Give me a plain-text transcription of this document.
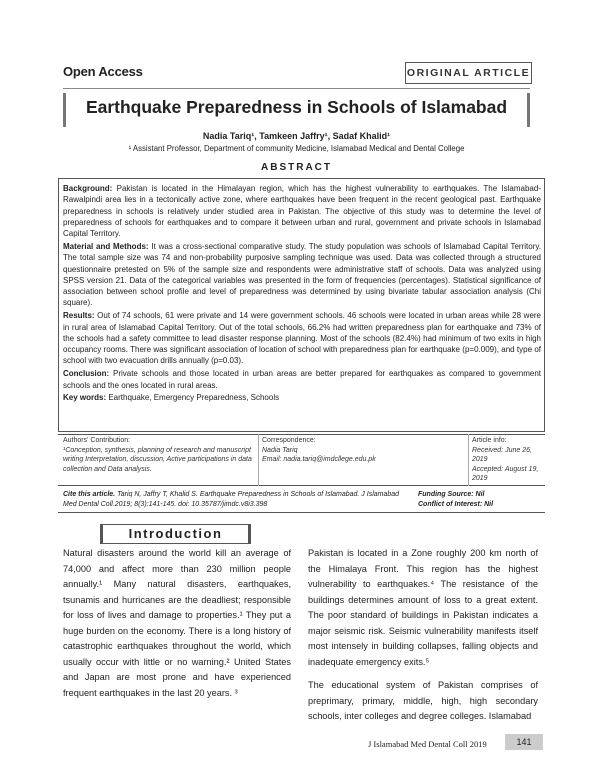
Open Access	ORIGINAL ARTICLE
Earthquake Preparedness in Schools of Islamabad
Nadia Tariq¹, Tamkeen Jaffry¹, Sadaf Khalid¹
¹ Assistant Professor, Department of community Medicine, Islamabad Medical and Dental College
ABSTRACT

Background: Pakistan is located in the Himalayan region, which has the highest vulnerability to earthquakes. The Islamabad-Rawalpindi area lies in a tectonically active zone, where earthquakes have been frequent in the recent geological past. Earthquake preparedness in schools is relatively under studied area in Pakistan. The objective of this study was to determine the level of preparedness of schools for earthquakes and to compare it between urban and rural, government and private schools in Islamabad Capital Territory.

Material and Methods: It was a cross-sectional comparative study. The study population was schools of Islamabad Capital Territory. The total sample size was 74 and non-probability purposive sampling technique was used. Data was collected through a structured questionnaire pretested on 5% of the sample size and respondents were administrative staff of schools. Data was analyzed using SPSS version 21. Data of the categorical variables was presented in the form of frequencies (percentages). Statistical significance of association between school profile and level of preparedness was determined by using bivariate tabular association analysis (Chi square).

Results: Out of 74 schools, 61 were private and 14 were government schools. 46 schools were located in urban areas while 28 were in rural area of Islamabad Capital Territory. Out of the total schools, 66.2% had written preparedness plan for earthquake and 73% of the schools had a safety committee to lead disaster response planning. Most of the schools (82.4%) had minimum of two exits in high occupancy rooms. There was significant association of location of school with preparedness plan for earthquake (p=0.009), and type of school with two evacuation drills annually (p=0.03).

Conclusion: Private schools and those located in urban areas are better prepared for earthquakes as compared to government schools and the ones located in rural areas.

Key words: Earthquake, Emergency Preparedness, Schools

Authors' Contribution:
¹Conception, synthesis, planning of research and manuscript writing Interpretation, discussion, Active participations in data collection and Data analysis.
Correspondence:
Nadia Tariq
Email: nadia.tariq@imdcllege.edu.pk
Article info:
Received: June 26, 2019
Accepted: August 19, 2019
Cite this article. Tariq N, Jaffry T, Khalid S. Earthquake Preparedness in Schools of Islamabad. J Islamabad Med Dental Coll.2019; 8(3):141-145. doi: 10.35787/jimdc.v8i3.398
Funding Source: Nil
Conflict of Interest: Nil
Introduction

Natural disasters around the world kill an average of 74,000 and affect more than 230 million people annually.¹ Many natural disasters, earthquakes, tsunamis and hurricanes are the deadliest; responsible for loss of lives and damage to properties.¹ They put a huge burden on the economy. There is a long history of catastrophic earthquakes throughout the world, which usually occur with little or no warning.² United States and Japan are most prone and have experienced frequent earthquakes in the last 20 years. ³

Pakistan is located in a Zone roughly 200 km north of the Himalaya Front. This region has the highest vulnerability to earthquakes.⁴ The resistance of the buildings determines amount of loss to a great extent. The poor standard of buildings in Pakistan indicates a major seismic risk. Seismic vulnerability manifests itself most intensely in building collapses, falling objects and inadequate emergency exits.⁵

The educational system of Pakistan comprises of preprimary, primary, middle, high, high secondary schools, inter colleges and degree colleges. Islamabad

J Islamabad Med Dental Coll 2019	141
